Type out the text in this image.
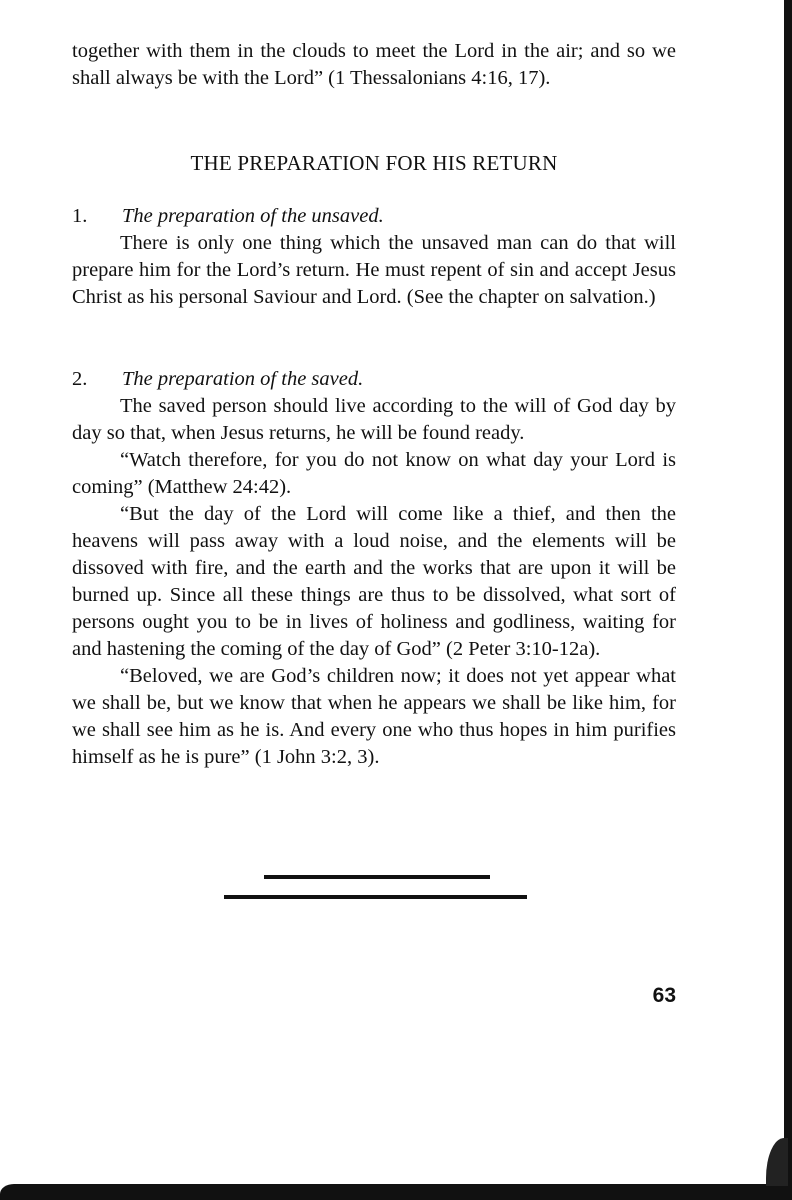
together with them in the clouds to meet the Lord in the air; and so we shall always be with the Lord” (1 Thessalonians 4:16, 17).

THE PREPARATION FOR HIS RETURN
1. The preparation of the unsaved.

There is only one thing which the unsaved man can do that will prepare him for the Lord’s return. He must repent of sin and accept Jesus Christ as his personal Saviour and Lord. (See the chapter on salvation.)

2. The preparation of the saved.

The saved person should live according to the will of God day by day so that, when Jesus returns, he will be found ready.

“Watch therefore, for you do not know on what day your Lord is coming” (Matthew 24:42).

“But the day of the Lord will come like a thief, and then the heavens will pass away with a loud noise, and the elements will be dissoved with fire, and the earth and the works that are upon it will be burned up. Since all these things are thus to be dissolved, what sort of persons ought you to be in lives of holiness and godliness, waiting for and hastening the coming of the day of God” (2 Peter 3:10-12a).

“Beloved, we are God’s children now; it does not yet appear what we shall be, but we know that when he appears we shall be like him, for we shall see him as he is. And every one who thus hopes in him purifies himself as he is pure” (1 John 3:2, 3).

63
